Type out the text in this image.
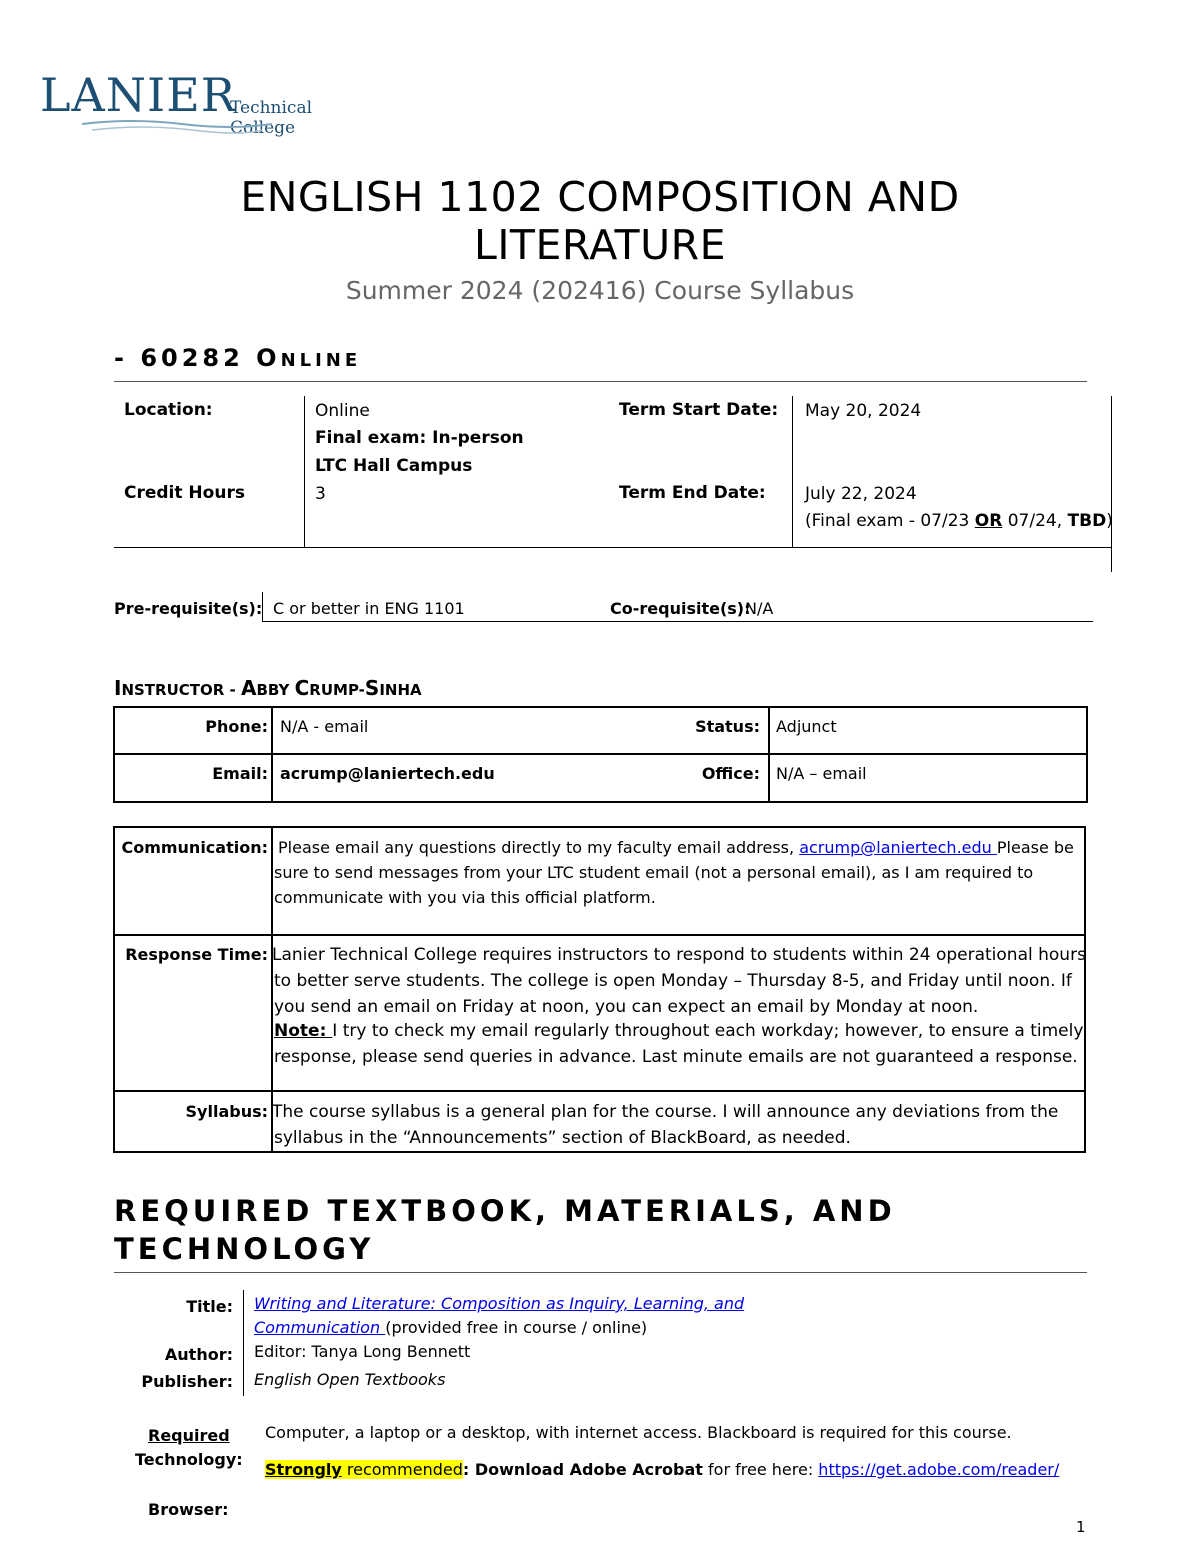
LANIER
Technical College
ENGLISH 1102 COMPOSITION AND
LITERATURE
Summer 2024 (202416) Course Syllabus
- 60282 ONLINE
Location:	Online
Final exam: In-person
LTC Hall Campus
Credit Hours	3
Term Start Date: May 20, 2024
Term End Date: July 22, 2024
(Final exam - 07/23 OR 07/24, TBD)
Pre-requisite(s): C or better in ENG 1101	Co-requisite(s):
N/A
INSTRUCTOR - ABBY CRUMP-SINHA
Phone: N/A - email	Status: Adjunct
Email: acrump@laniertech.edu	Office: N/A – email
Communication: Please email any questions directly to my faculty email address, acrump@laniertech.edu Please be
sure to send messages from your LTC student email (not a personal email), as I am required to
communicate with you via this official platform.
Response Time: Lanier Technical College requires instructors to respond to students within 24 operational hours
to better serve students. The college is open Monday – Thursday 8-5, and Friday until noon. If
you send an email on Friday at noon, you can expect an email by Monday at noon.
Note: I try to check my email regularly throughout each workday; however, to ensure a timely
response, please send queries in advance. Last minute emails are not guaranteed a response.
Syllabus: The course syllabus is a general plan for the course. I will announce any deviations from the
syllabus in the “Announcements” section of BlackBoard, as needed.
REQUIRED TEXTBOOK, MATERIALS, AND
TECHNOLOGY
Title: Writing and Literature: Composition as Inquiry, Learning, and
Communication (provided free in course / online)
Author: Editor: Tanya Long Bennett
Publisher: English Open Textbooks
Required
Technology:
Computer, a laptop or a desktop, with internet access. Blackboard is required for this course.
Strongly recommended: Download Adobe Acrobat for free here: https://get.adobe.com/reader/
Browser:
1
